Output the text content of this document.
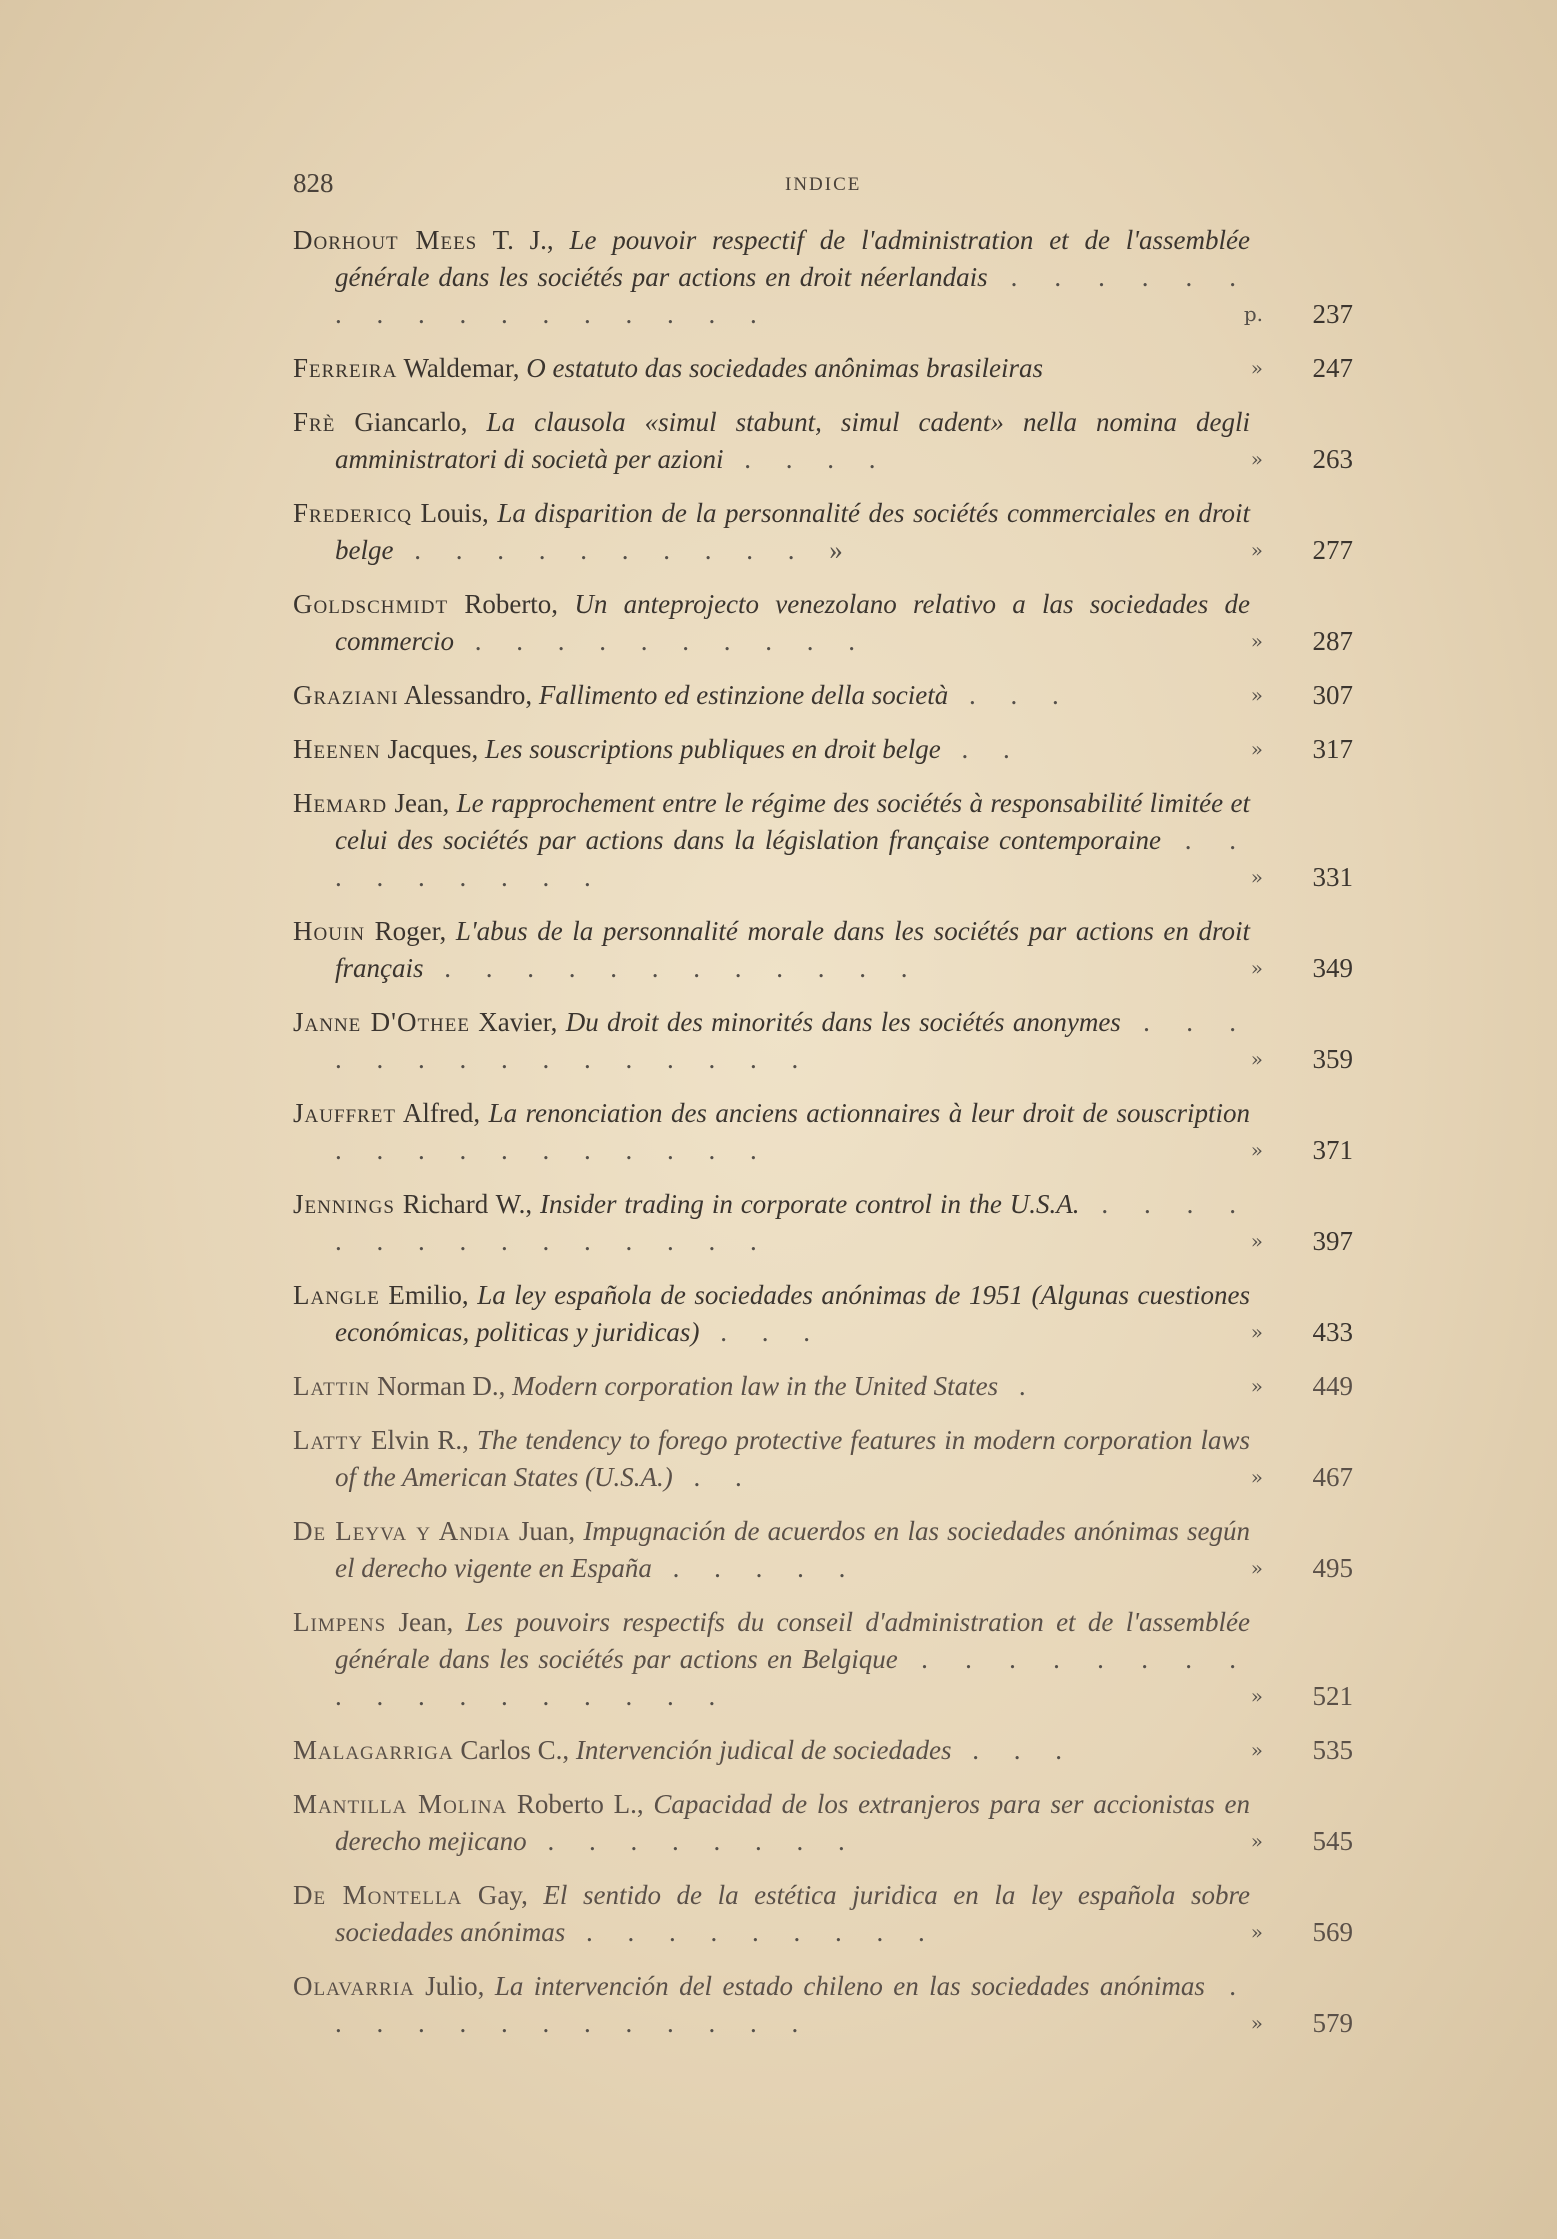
828	INDICE
Dorhout Mees T. J., Le pouvoir respectif de l'administration et de l'assemblée générale dans les sociétés par actions en droit néerlandais . . . . . . . . . . . . . . . . .	p.	237
Ferreira Waldemar, O estatuto das sociedades anônimas brasileiras	»	247
Frè Giancarlo, La clausola «simul stabunt, simul cadent» nella nomina degli amministratori di società per azioni . . . .	»	263
Fredericq Louis, La disparition de la personnalité des sociétés commerciales en droit belge . . . . . . . . . . »	»	277
Goldschmidt Roberto, Un anteprojecto venezolano relativo a las sociedades de commercio . . . . . . . . . .	»	287
Graziani Alessandro, Fallimento ed estinzione della società . . .	»	307
Heenen Jacques, Les souscriptions publiques en droit belge . .	»	317
Hemard Jean, Le rapprochement entre le régime des sociétés à responsabilité limitée et celui des sociétés par actions dans la législation française contemporaine . . . . . . . . .	»	331
Houin Roger, L'abus de la personnalité morale dans les sociétés par actions en droit français . . . . . . . . . . . .	»	349
Janne D'Othee Xavier, Du droit des minorités dans les sociétés anonymes . . . . . . . . . . . . . . .	»	359
Jauffret Alfred, La renonciation des anciens actionnaires à leur droit de souscription . . . . . . . . . . .	»	371
Jennings Richard W., Insider trading in corporate control in the U.S.A. . . . . . . . . . . . . . . .	»	397
Langle Emilio, La ley española de sociedades anónimas de 1951 (Algunas cuestiones económicas, politicas y juridicas) . . .	»	433
Lattin Norman D., Modern corporation law in the United States .	»	449
Latty Elvin R., The tendency to forego protective features in modern corporation laws of the American States (U.S.A.) . .	»	467
De Leyva y Andia Juan, Impugnación de acuerdos en las sociedades anónimas según el derecho vigente en España . . . . .	»	495
Limpens Jean, Les pouvoirs respectifs du conseil d'administration et de l'assemblée générale dans les sociétés par actions en Belgique . . . . . . . . . . . . . . . . . .	»	521
Malagarriga Carlos C., Intervención judical de sociedades . . .	»	535
Mantilla Molina Roberto L., Capacidad de los extranjeros para ser accionistas en derecho mejicano . . . . . . . .	»	545
De Montella Gay, El sentido de la estética juridica en la ley española sobre sociedades anónimas . . . . . . . . .	»	569
Olavarria Julio, La intervención del estado chileno en las sociedades anónimas . . . . . . . . . . . . .	»	579
